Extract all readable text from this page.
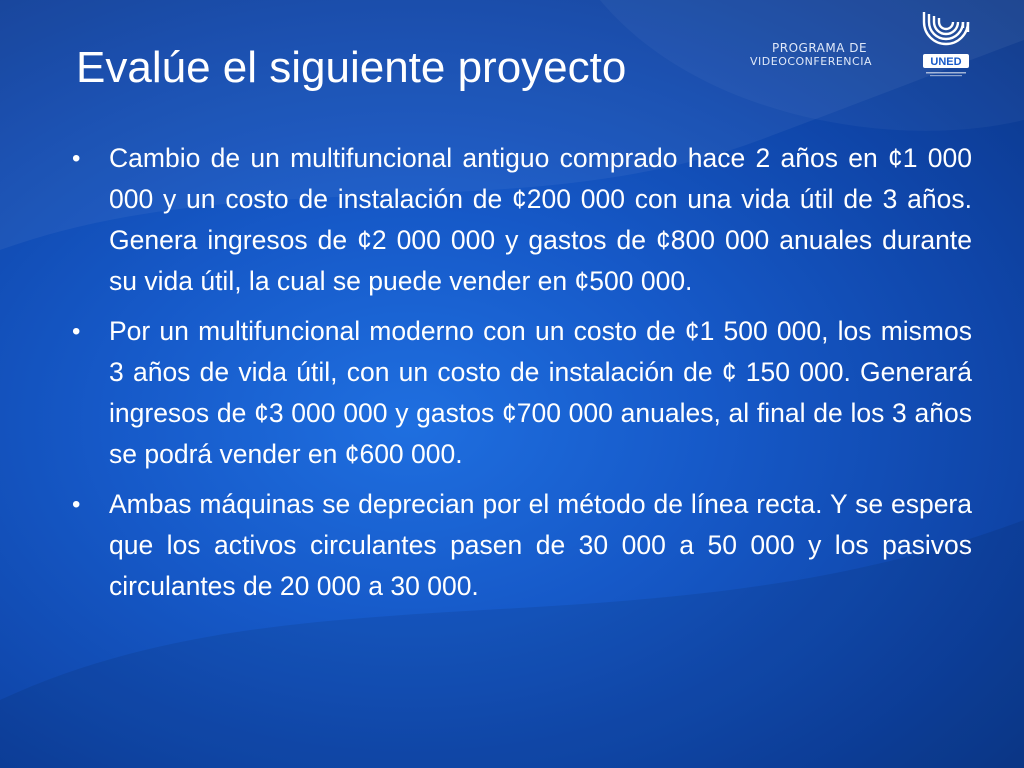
PROGRAMA DE
VIDEOCONFERENCIA	UNED
Evalúe el siguiente proyecto
• Cambio de un multifuncional antiguo comprado hace 2 años en ¢1 000 000 y un costo de instalación de ¢200 000 con una vida útil de 3 años. Genera ingresos de ¢2 000 000 y gastos de ¢800 000 anuales durante su vida útil, la cual se puede vender en ¢500 000.
• Por un multifuncional moderno con un costo de ¢1 500 000, los mismos 3 años de vida útil, con un costo de instalación de ¢ 150 000. Generará ingresos de ¢3 000 000 y gastos ¢700 000 anuales, al final de los 3 años se podrá vender en ¢600 000.
• Ambas máquinas se deprecian por el método de línea recta. Y se espera que los activos circulantes pasen de 30 000 a 50 000 y los pasivos circulantes de 20 000 a 30 000.
